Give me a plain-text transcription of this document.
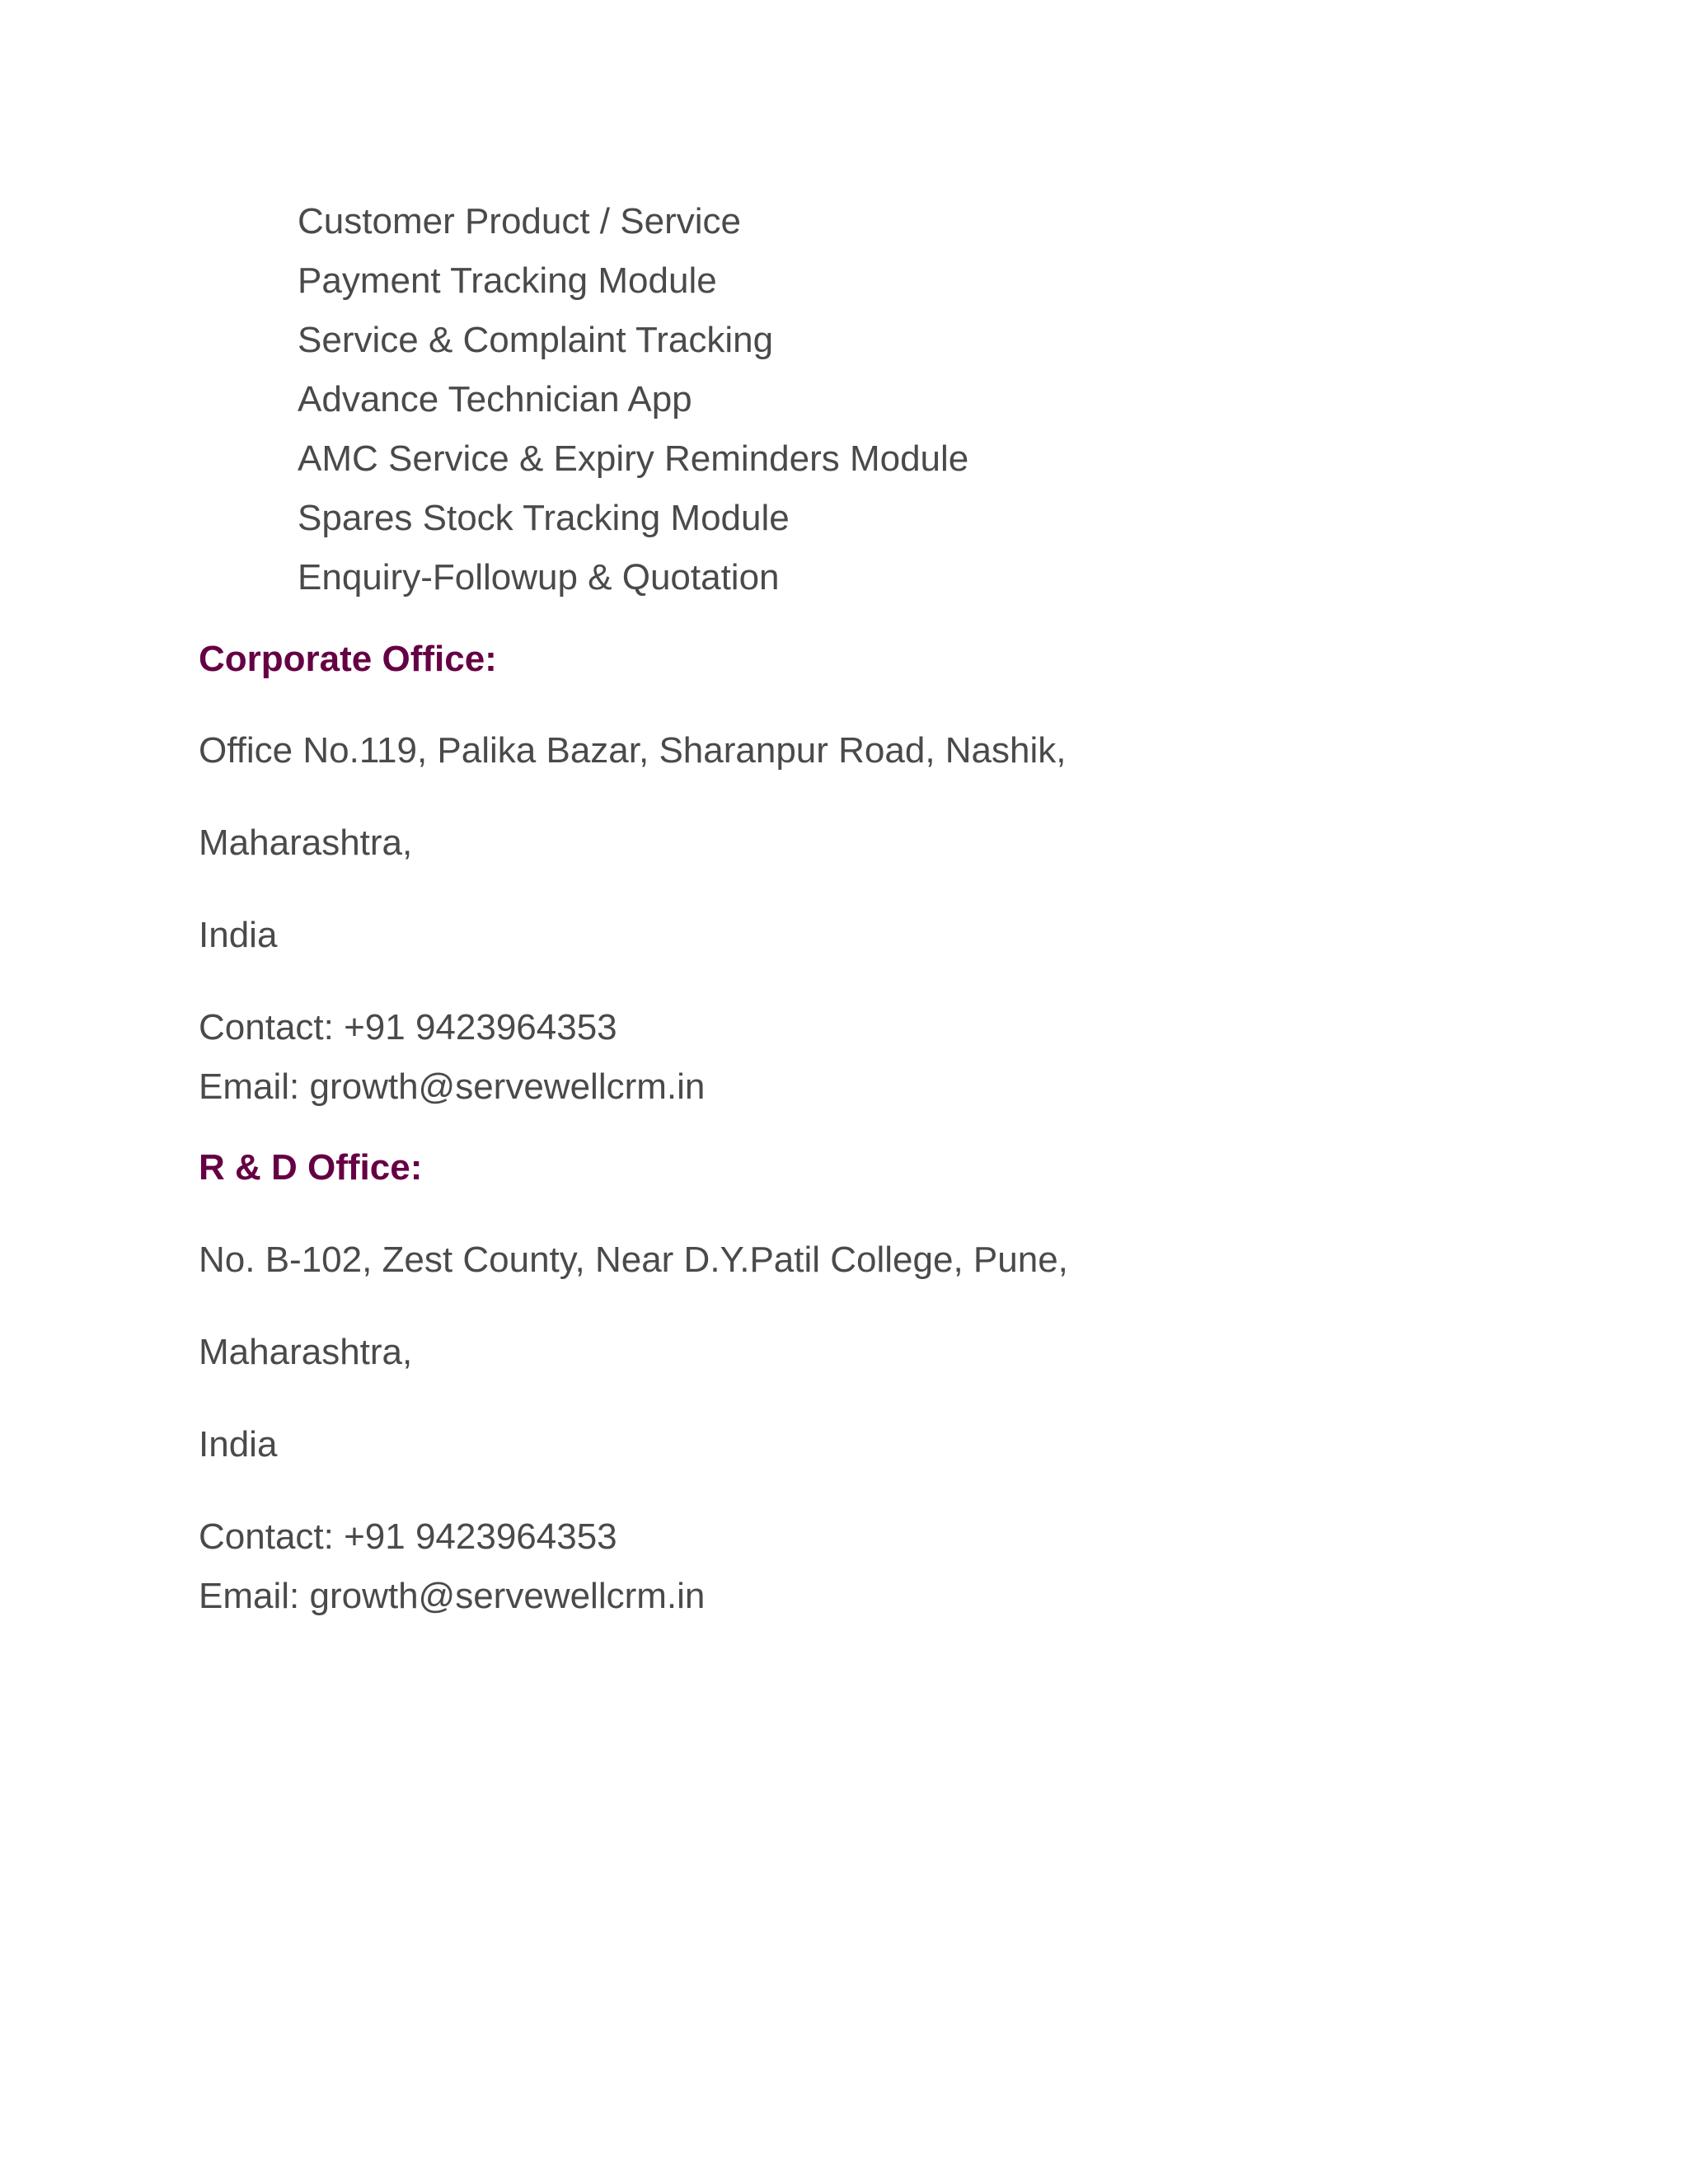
Customer Product / Service
Payment Tracking Module
Service & Complaint Tracking
Advance Technician App
AMC Service & Expiry Reminders Module
Spares Stock Tracking Module
Enquiry-Followup & Quotation
Corporate Office:

Office No.119, Palika Bazar, Sharanpur Road, Nashik,

Maharashtra,

India

Contact: +91 9423964353

Email: growth@servewellcrm.in

R & D Office:

No. B-102, Zest County, Near D.Y.Patil College, Pune,

Maharashtra,

India

Contact: +91 9423964353

Email: growth@servewellcrm.in
